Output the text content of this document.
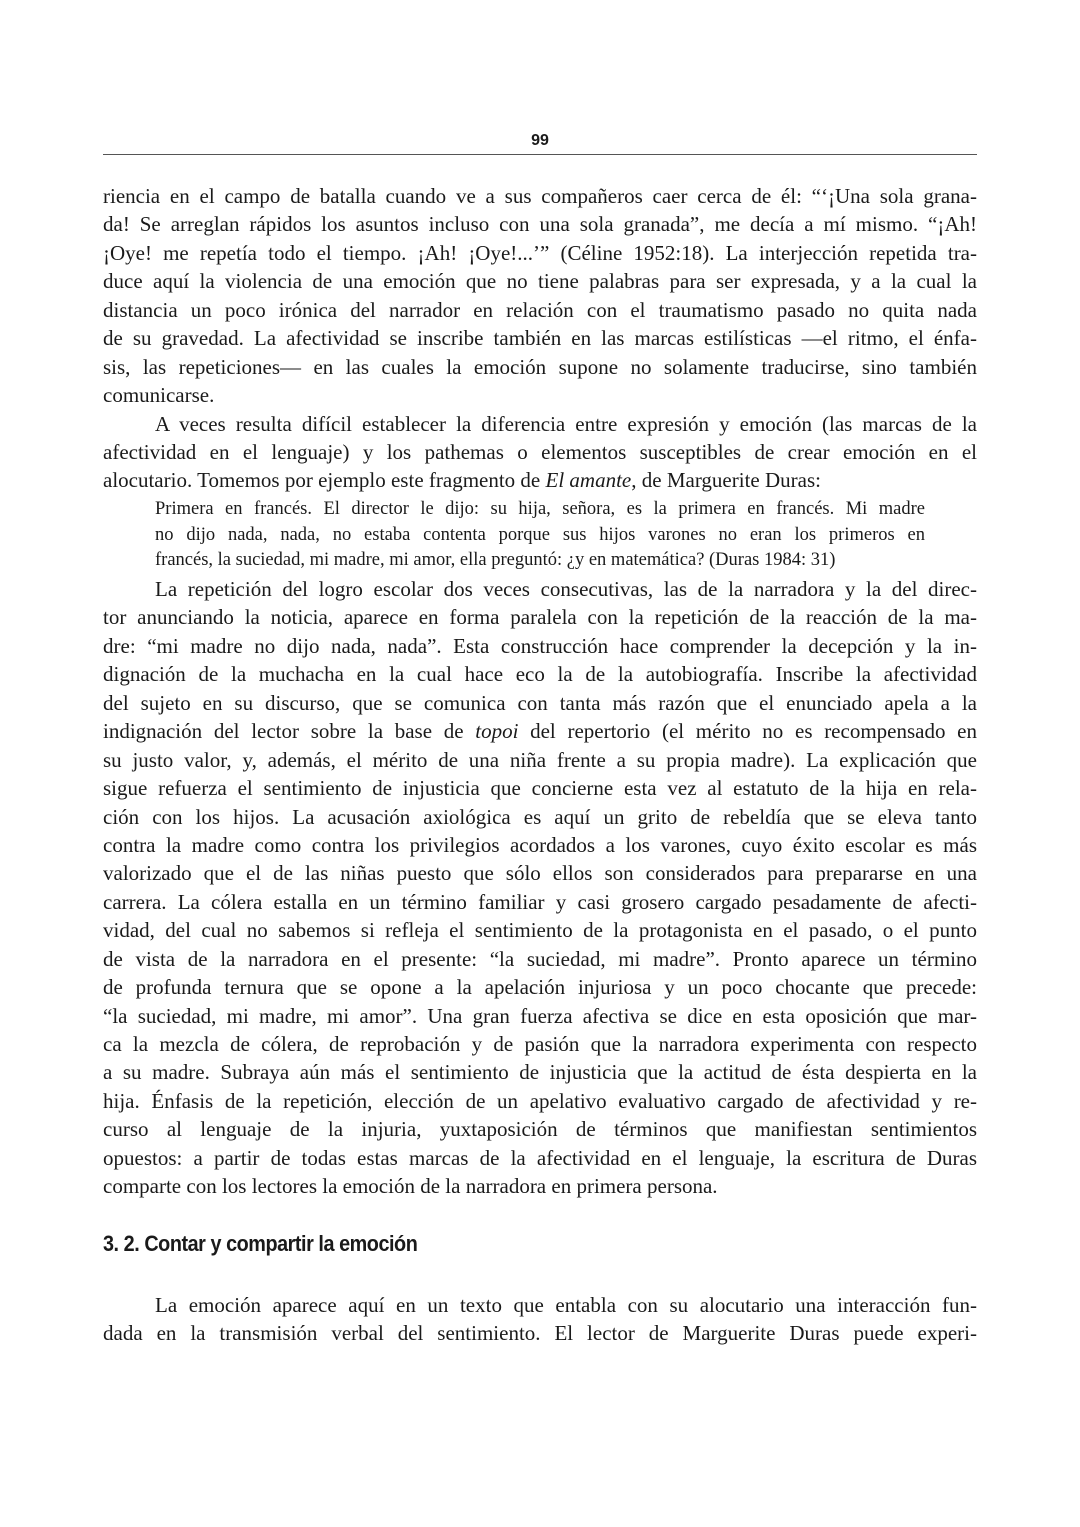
99
riencia en el campo de batalla cuando ve a sus compañeros caer cerca de él: “‘¡Una sola grana-
da! Se arreglan rápidos los asuntos incluso con una sola granada”, me decía a mí mismo. “¡Ah!
¡Oye! me repetía todo el tiempo. ¡Ah! ¡Oye!...’” (Céline 1952:18). La interjección repetida tra-
duce aquí la violencia de una emoción que no tiene palabras para ser expresada, y a la cual la
distancia un poco irónica del narrador en relación con el traumatismo pasado no quita nada
de su gravedad. La afectividad se inscribe también en las marcas estilísticas —el ritmo, el énfa-
sis, las repeticiones— en las cuales la emoción supone no solamente traducirse, sino también
comunicarse.
A veces resulta difícil establecer la diferencia entre expresión y emoción (las marcas de la
afectividad en el lenguaje) y los pathemas o elementos susceptibles de crear emoción en el
alocutario. Tomemos por ejemplo este fragmento de El amante, de Marguerite Duras:
Primera en francés. El director le dijo: su hija, señora, es la primera en francés. Mi madre
no dijo nada, nada, no estaba contenta porque sus hijos varones no eran los primeros en
francés, la suciedad, mi madre, mi amor, ella preguntó: ¿y en matemática? (Duras 1984: 31)
La repetición del logro escolar dos veces consecutivas, las de la narradora y la del direc-
tor anunciando la noticia, aparece en forma paralela con la repetición de la reacción de la ma-
dre: “mi madre no dijo nada, nada”. Esta construcción hace comprender la decepción y la in-
dignación de la muchacha en la cual hace eco la de la autobiografía. Inscribe la afectividad
del sujeto en su discurso, que se comunica con tanta más razón que el enunciado apela a la
indignación del lector sobre la base de topoi del repertorio (el mérito no es recompensado en
su justo valor, y, además, el mérito de una niña frente a su propia madre). La explicación que
sigue refuerza el sentimiento de injusticia que concierne esta vez al estatuto de la hija en rela-
ción con los hijos. La acusación axiológica es aquí un grito de rebeldía que se eleva tanto
contra la madre como contra los privilegios acordados a los varones, cuyo éxito escolar es más
valorizado que el de las niñas puesto que sólo ellos son considerados para prepararse en una
carrera. La cólera estalla en un término familiar y casi grosero cargado pesadamente de afecti-
vidad, del cual no sabemos si refleja el sentimiento de la protagonista en el pasado, o el punto
de vista de la narradora en el presente: “la suciedad, mi madre”. Pronto aparece un término
de profunda ternura que se opone a la apelación injuriosa y un poco chocante que precede:
“la suciedad, mi madre, mi amor”. Una gran fuerza afectiva se dice en esta oposición que mar-
ca la mezcla de cólera, de reprobación y de pasión que la narradora experimenta con respecto
a su madre. Subraya aún más el sentimiento de injusticia que la actitud de ésta despierta en la
hija. Énfasis de la repetición, elección de un apelativo evaluativo cargado de afectividad y re-
curso al lenguaje de la injuria, yuxtaposición de términos que manifiestan sentimientos
opuestos: a partir de todas estas marcas de la afectividad en el lenguaje, la escritura de Duras
comparte con los lectores la emoción de la narradora en primera persona.
3. 2. Contar y compartir la emoción
La emoción aparece aquí en un texto que entabla con su alocutario una interacción fun-
dada en la transmisión verbal del sentimiento. El lector de Marguerite Duras puede experi-
